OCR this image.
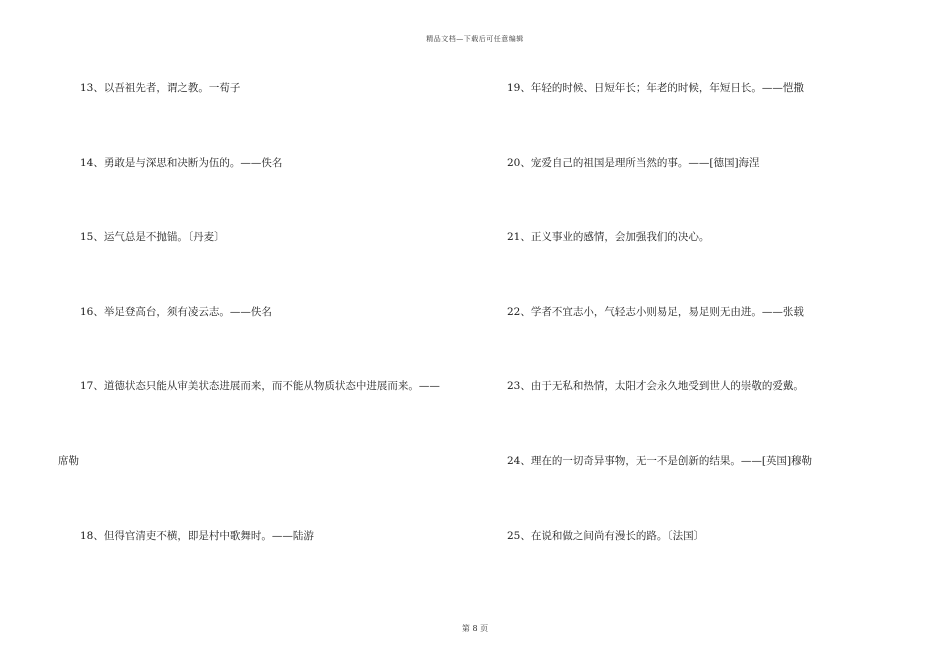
精品文档—下载后可任意编辑
13、以吾祖先者，谓之教。一荀子
14、勇敢是与深思和决断为伍的。——佚名
15、运气总是不抛锚。〔丹麦〕
16、举足登高台，须有凌云志。——佚名
17、道德状态只能从审美状态进展而来，而不能从物质状态中进展而来。——
席勒
18、但得官清吏不横，即是村中歌舞时。——陆游
19、年轻的时候、日短年长；年老的时候，年短日长。——恺撒
20、宠爱自己的祖国是理所当然的事。——[德国]海涅
21、正义事业的感情，会加强我们的决心。
22、学者不宜志小，气轻志小则易足，易足则无由进。——张载
23、由于无私和热情，太阳才会永久地受到世人的崇敬的爱戴。
24、理在的一切奇异事物，无一不是创新的结果。——[英国]穆勒
25、在说和做之间尚有漫长的路。〔法国〕
第 8 页
